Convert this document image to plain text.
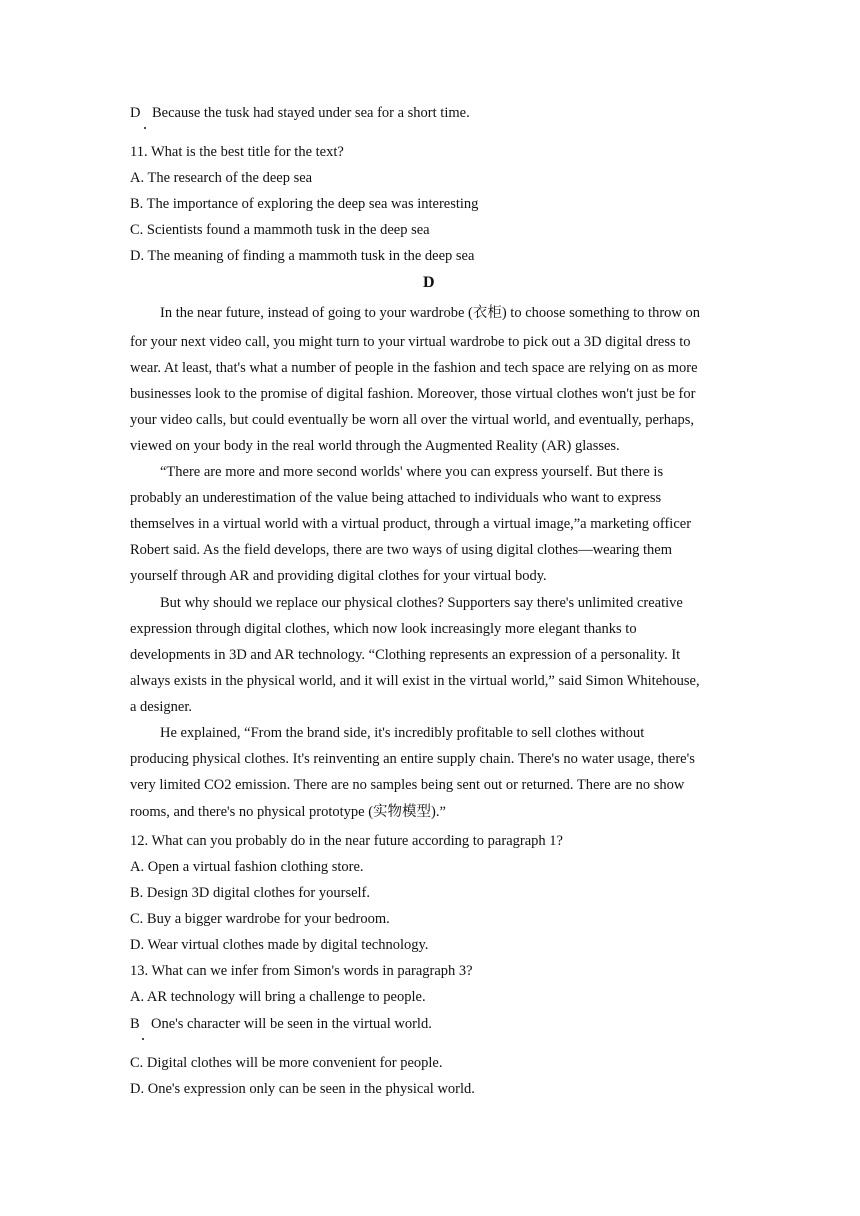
D Because the tusk had stayed under sea for a short time.
11. What is the best title for the text?
A. The research of the deep sea
B. The importance of exploring the deep sea was interesting
C. Scientists found a mammoth tusk in the deep sea
D. The meaning of finding a mammoth tusk in the deep sea
D
In the near future, instead of going to your wardrobe (衣柜) to choose something to throw on
for your next video call, you might turn to your virtual wardrobe to pick out a 3D digital dress to
wear. At least, that's what a number of people in the fashion and tech space are relying on as more
businesses look to the promise of digital fashion. Moreover, those virtual clothes won't just be for
your video calls, but could eventually be worn all over the virtual world, and eventually, perhaps,
viewed on your body in the real world through the Augmented Reality (AR) glasses.
“There are more and more second worlds' where you can express yourself. But there is
probably an underestimation of the value being attached to individuals who want to express
themselves in a virtual world with a virtual product, through a virtual image,”a marketing officer
Robert said. As the field develops, there are two ways of using digital clothes—wearing them
yourself through AR and providing digital clothes for your virtual body.
But why should we replace our physical clothes? Supporters say there's unlimited creative
expression through digital clothes, which now look increasingly more elegant thanks to
developments in 3D and AR technology. “Clothing represents an expression of a personality. It
always exists in the physical world, and it will exist in the virtual world,” said Simon Whitehouse,
a designer.
He explained, “From the brand side, it's incredibly profitable to sell clothes without
producing physical clothes. It's reinventing an entire supply chain. There's no water usage, there's
very limited CO2 emission. There are no samples being sent out or returned. There are no show
rooms, and there's no physical prototype (实物模型).”
12. What can you probably do in the near future according to paragraph 1?
A. Open a virtual fashion clothing store.
B. Design 3D digital clothes for yourself.
C. Buy a bigger wardrobe for your bedroom.
D. Wear virtual clothes made by digital technology.
13. What can we infer from Simon's words in paragraph 3?
A. AR technology will bring a challenge to people.
B One's character will be seen in the virtual world.
C. Digital clothes will be more convenient for people.
D. One's expression only can be seen in the physical world.
